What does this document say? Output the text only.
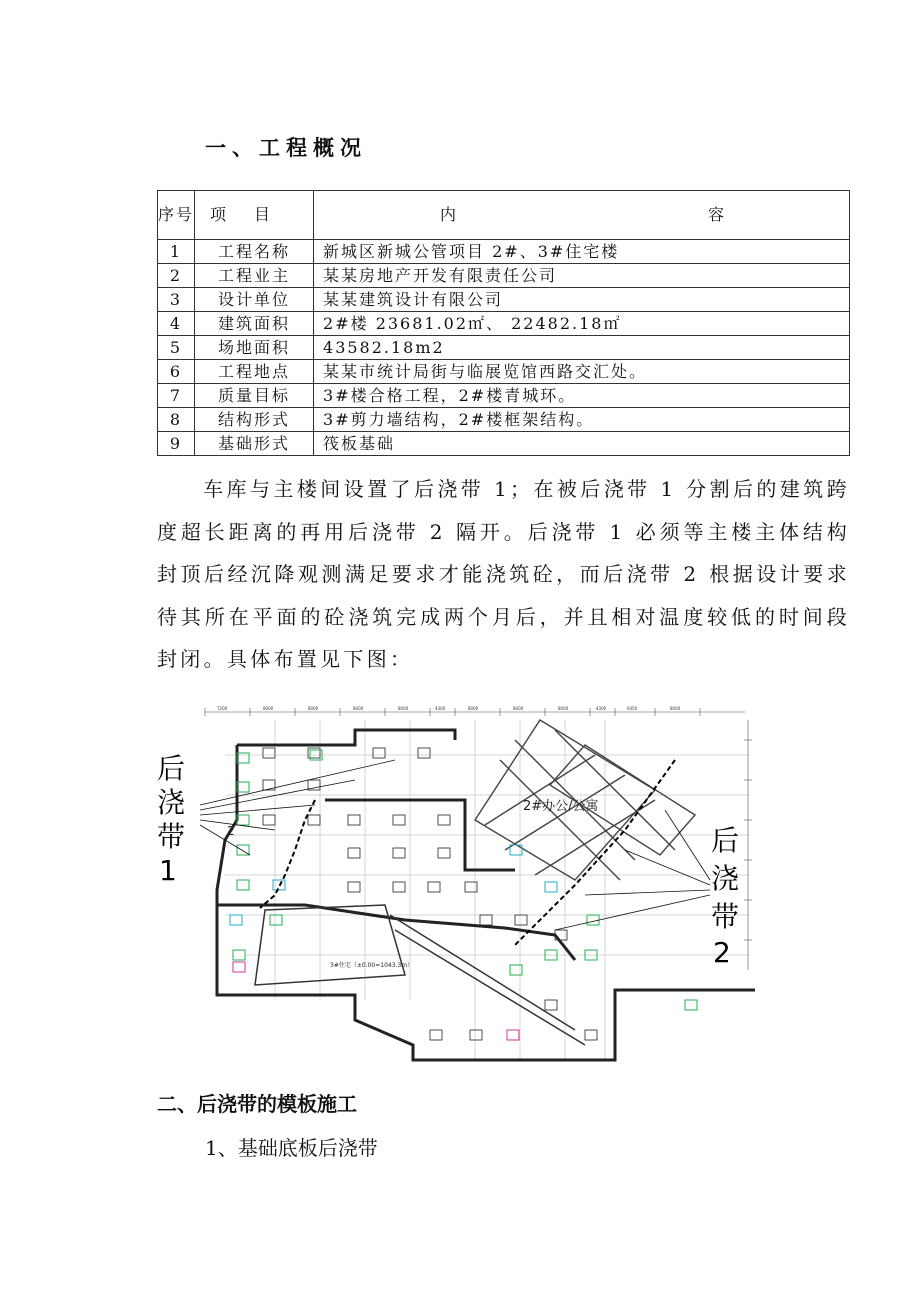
一、工程概况
序号	项目	内 容
1	工程名称	新城区新城公管项目 2#、3#住宅楼
2	工程业主	某某房地产开发有限责任公司
3	设计单位	某某建筑设计有限公司
4	建筑面积	2#楼 23681.02㎡、 22482.18㎡
5	场地面积	43582.18m2
6	工程地点	某某市统计局街与临展览馆西路交汇处。
7	质量目标	3#楼合格工程，2#楼青城环。
8	结构形式	3#剪力墙结构，2#楼框架结构。
9	基础形式	筏板基础
车库与主楼间设置了后浇带 1；在被后浇带 1 分割后的建筑跨度超长距离的再用后浇带 2 隔开。后浇带 1 必须等主楼主体结构封顶后经沉降观测满足要求才能浇筑砼，而后浇带 2 根据设计要求待其所在平面的砼浇筑完成两个月后，并且相对温度较低的时间段封闭。具体布置见下图：
7200	8000	8000	8000	8000	4300	8000	8000	8000	4300	6450	8000
后
浇
带
1
后
浇
带
2
2#办公/公寓
3#住宅（±0.00=1043.3m）
2
二、后浇带的模板施工
1、基础底板后浇带
